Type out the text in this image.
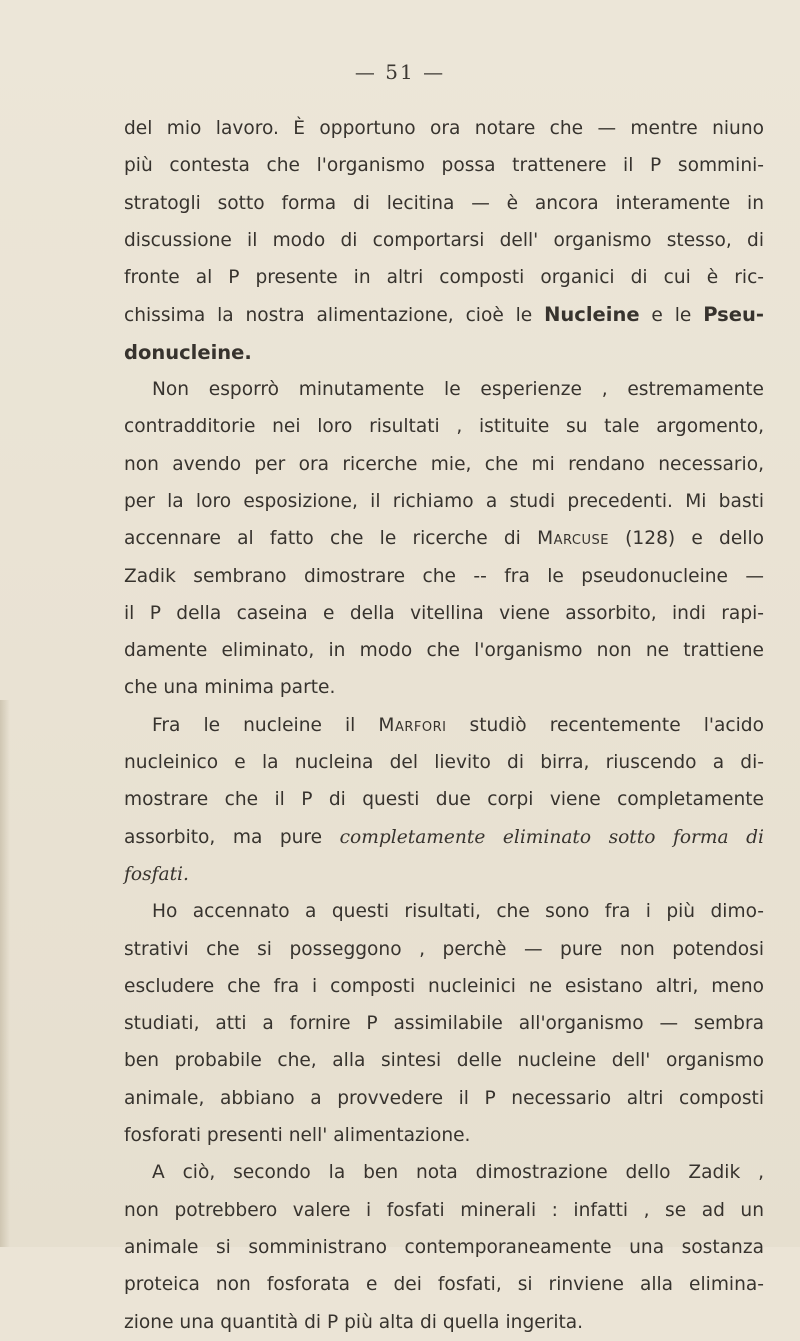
— 51 —
del mio lavoro. È opportuno ora notare che — mentre niuno
più contesta che l'organismo possa trattenere il P sommini-
stratogli sotto forma di lecitina — è ancora interamente in
discussione il modo di comportarsi dell' organismo stesso, di
fronte al P presente in altri composti organici di cui è ric-
chissima la nostra alimentazione, cioè le Nucleine e le Pseu-
donucleine.
Non esporrò minutamente le esperienze , estremamente
contradditorie nei loro risultati , istituite su tale argomento,
non avendo per ora ricerche mie, che mi rendano necessario,
per la loro esposizione, il richiamo a studi precedenti. Mi basti
accennare al fatto che le ricerche di Marcuse (128) e dello
Zadik sembrano dimostrare che -- fra le pseudonucleine —
il P della caseina e della vitellina viene assorbito, indi rapi-
damente eliminato, in modo che l'organismo non ne trattiene
che una minima parte.
Fra le nucleine il Marfori studiò recentemente l'acido
nucleinico e la nucleina del lievito di birra, riuscendo a di-
mostrare che il P di questi due corpi viene completamente
assorbito, ma pure completamente eliminato sotto forma di
fosfati.
Ho accennato a questi risultati, che sono fra i più dimo-
strativi che si posseggono , perchè — pure non potendosi
escludere che fra i composti nucleinici ne esistano altri, meno
studiati, atti a fornire P assimilabile all'organismo — sembra
ben probabile che, alla sintesi delle nucleine dell' organismo
animale, abbiano a provvedere il P necessario altri composti
fosforati presenti nell' alimentazione.
A ciò, secondo la ben nota dimostrazione dello Zadik ,
non potrebbero valere i fosfati minerali : infatti , se ad un
animale si somministrano contemporaneamente una sostanza
proteica non fosforata e dei fosfati, si rinviene alla elimina-
zione una quantità di P più alta di quella ingerita.
